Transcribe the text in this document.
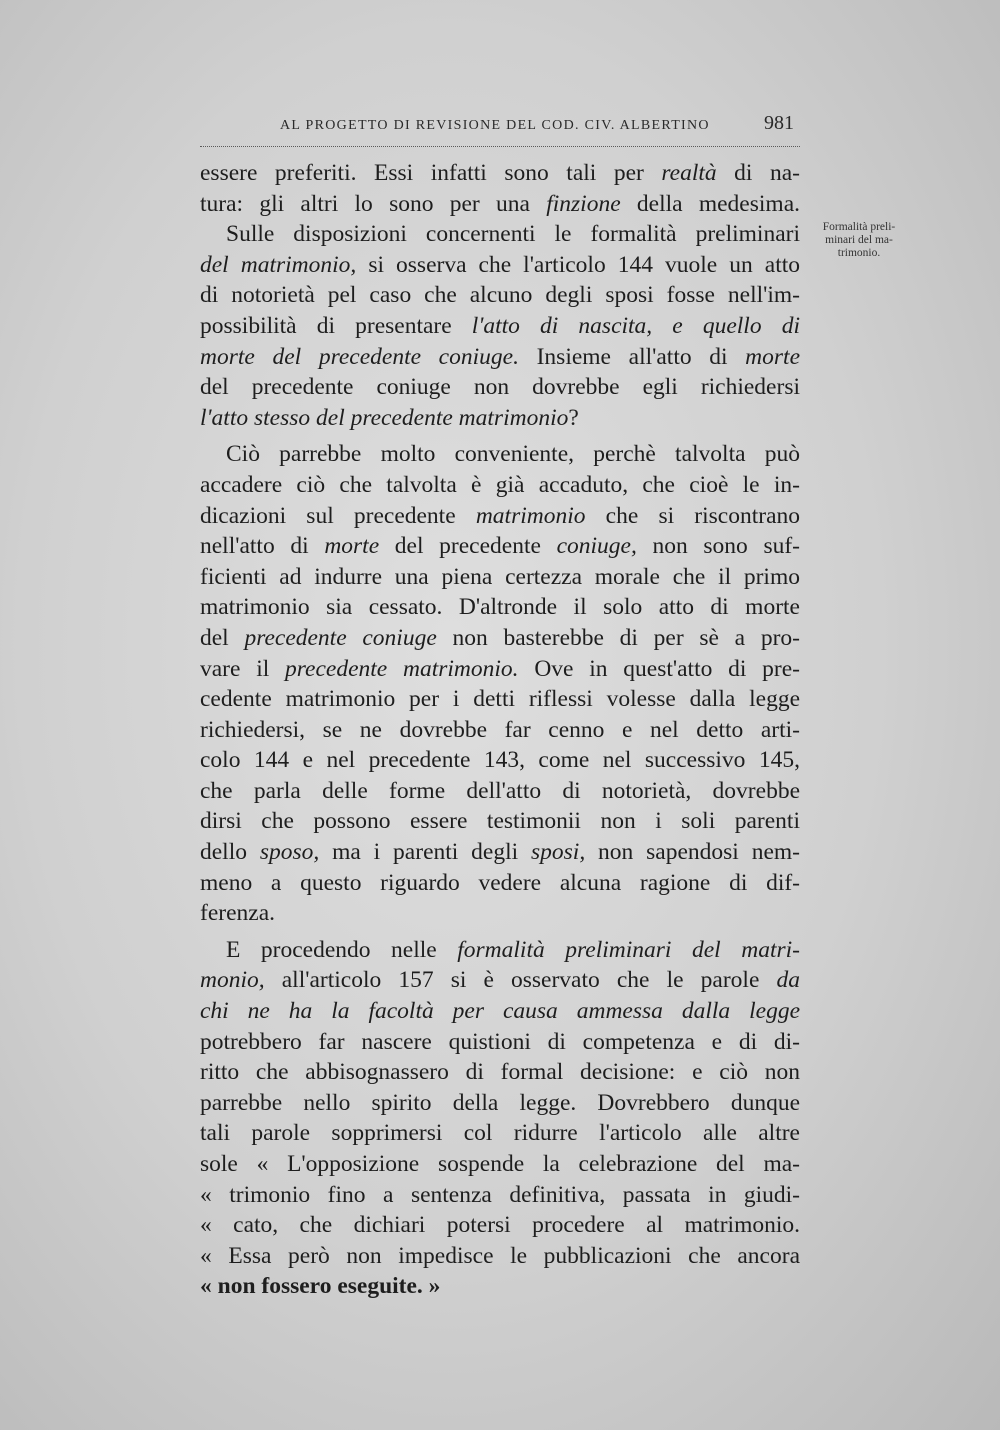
AL PROGETTO DI REVISIONE DEL COD. CIV. ALBERTINO	981
Formalità preli-
minari del ma-
trimonio.
essere preferiti. Essi infatti sono tali per realtà di na-
tura: gli altri lo sono per una finzione della medesima.
Sulle disposizioni concernenti le formalità preliminari
del matrimonio, si osserva che l'articolo 144 vuole un atto
di notorietà pel caso che alcuno degli sposi fosse nell'im-
possibilità di presentare l'atto di nascita, e quello di
morte del precedente coniuge. Insieme all'atto di morte
del precedente coniuge non dovrebbe egli richiedersi
l'atto stesso del precedente matrimonio?
Ciò parrebbe molto conveniente, perchè talvolta può
accadere ciò che talvolta è già accaduto, che cioè le in-
dicazioni sul precedente matrimonio che si riscontrano
nell'atto di morte del precedente coniuge, non sono suf-
ficienti ad indurre una piena certezza morale che il primo
matrimonio sia cessato. D'altronde il solo atto di morte
del precedente coniuge non basterebbe di per sè a pro-
vare il precedente matrimonio. Ove in quest'atto di pre-
cedente matrimonio per i detti riflessi volesse dalla legge
richiedersi, se ne dovrebbe far cenno e nel detto arti-
colo 144 e nel precedente 143, come nel successivo 145,
che parla delle forme dell'atto di notorietà, dovrebbe
dirsi che possono essere testimonii non i soli parenti
dello sposo, ma i parenti degli sposi, non sapendosi nem-
meno a questo riguardo vedere alcuna ragione di dif-
ferenza.
E procedendo nelle formalità preliminari del matri-
monio, all'articolo 157 si è osservato che le parole da
chi ne ha la facoltà per causa ammessa dalla legge
potrebbero far nascere quistioni di competenza e di di-
ritto che abbisognassero di formal decisione: e ciò non
parrebbe nello spirito della legge. Dovrebbero dunque
tali parole sopprimersi col ridurre l'articolo alle altre
sole « L'opposizione sospende la celebrazione del ma-
« trimonio fino a sentenza definitiva, passata in giudi-
« cato, che dichiari potersi procedere al matrimonio.
« Essa però non impedisce le pubblicazioni che ancora
« non fossero eseguite. »
